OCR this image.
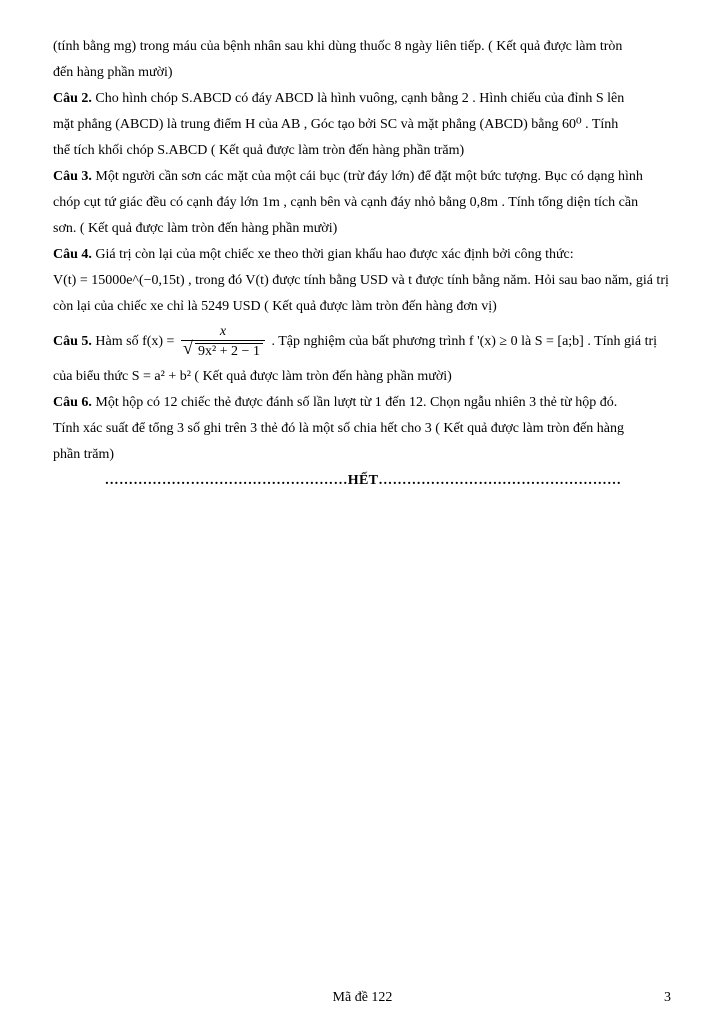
(tính bằng mg) trong máu của bệnh nhân sau khi dùng thuốc 8 ngày liên tiếp. ( Kết quả được làm tròn

đến hàng phần mười)

Câu 2. Cho hình chóp S.ABCD có đáy ABCD là hình vuông, cạnh bằng 2 . Hình chiếu của đỉnh S lên

mặt phẳng (ABCD) là trung điểm H của AB , Góc tạo bởi SC và mặt phẳng (ABCD) bằng 60⁰ . Tính

thể tích khối chóp S.ABCD ( Kết quả được làm tròn đến hàng phần trăm)

Câu 3. Một người cần sơn các mặt của một cái bục (trừ đáy lớn) để đặt một bức tượng. Bục có dạng hình

chóp cụt tứ giác đều có cạnh đáy lớn 1m , cạnh bên và cạnh đáy nhỏ bằng 0,8m . Tính tổng diện tích cần

sơn. ( Kết quả được làm tròn đến hàng phần mười)

Câu 4. Giá trị còn lại của một chiếc xe theo thời gian khấu hao được xác định bởi công thức:

V(t) = 15000e^(−0,15t) , trong đó V(t) được tính bằng USD và t được tính bằng năm. Hỏi sau bao năm, giá trị

còn lại của chiếc xe chỉ là 5249 USD ( Kết quả được làm tròn đến hàng đơn vị)

Câu 5. Hàm số $f(x) = \frac{x}{\text{√ 9x² + 2 − 1}}$ . Tập nghiệm của bất phương trình f '(x) ≥ 0 là S = [a;b] . Tính giá trị

của biểu thức S = a² + b² ( Kết quả được làm tròn đến hàng phần mười)

Câu 6. Một hộp có 12 chiếc thẻ được đánh số lần lượt từ 1 đến 12. Chọn ngẫu nhiên 3 thẻ từ hộp đó.

Tính xác suất để tổng 3 số ghi trên 3 thẻ đó là một số chia hết cho 3 ( Kết quả được làm tròn đến hàng

phần trăm)

……………………………………………HẾT……………………………………………

Mã đề 122	3
